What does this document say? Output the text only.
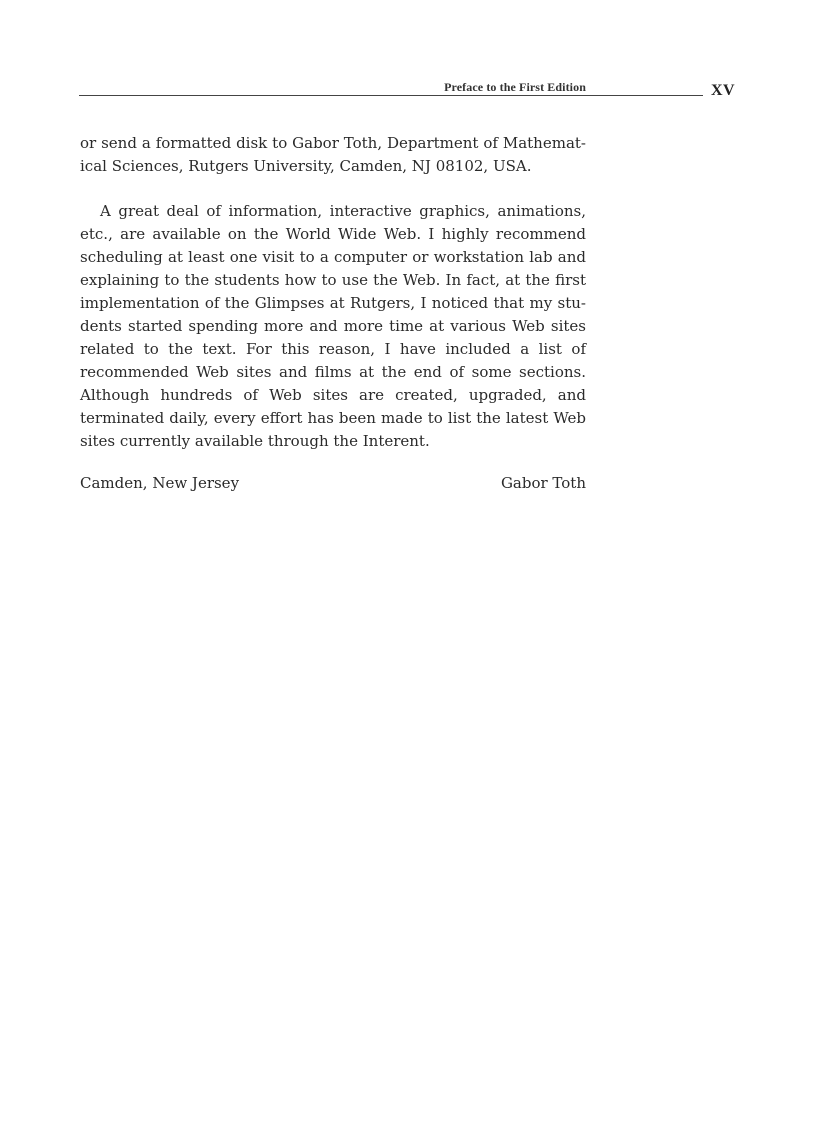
Preface to the First Edition	XV

or send a formatted disk to Gabor Toth, Department of Mathematical Sciences, Rutgers University, Camden, NJ 08102, USA.

A great deal of information, interactive graphics, animations, etc., are available on the World Wide Web. I highly recommend scheduling at least one visit to a computer or workstation lab and explaining to the students how to use the Web. In fact, at the first implementation of the Glimpses at Rutgers, I noticed that my students started spending more and more time at various Web sites related to the text. For this reason, I have included a list of recommended Web sites and films at the end of some sections. Although hundreds of Web sites are created, upgraded, and terminated daily, every effort has been made to list the latest Web sites currently available through the Interent.

Camden, New Jersey	Gabor Toth
